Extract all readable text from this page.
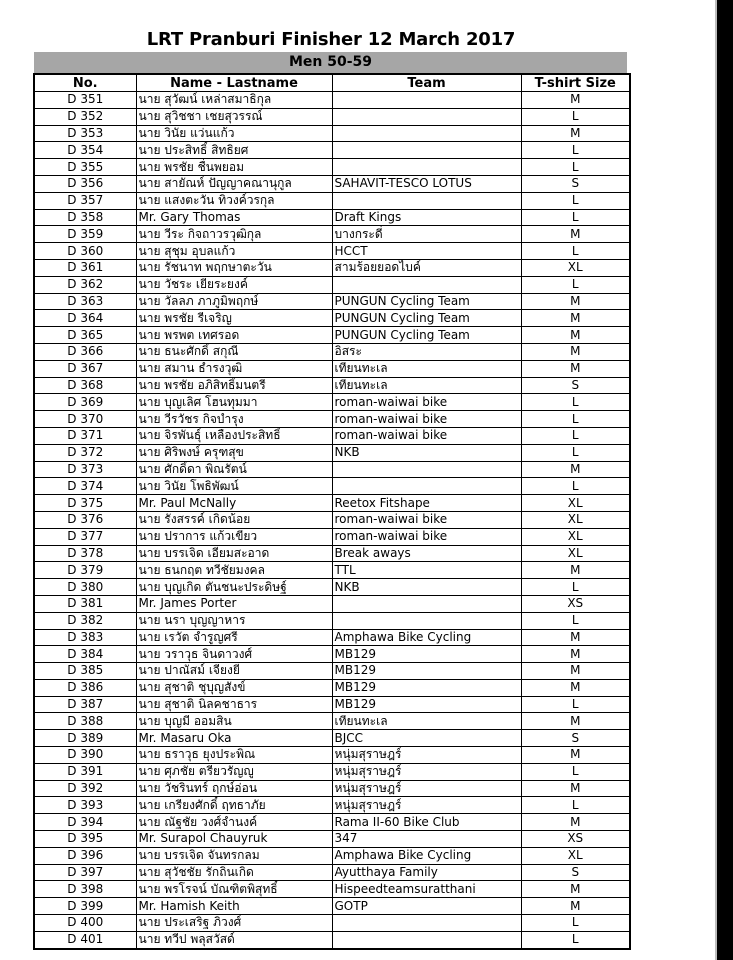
LRT Pranburi Finisher 12 March 2017
Men 50-59
No.	Name - Lastname	Team	T-shirt Size
D 351	นาย สุวัฒน์ เหล่าสมาธิกุล		M
D 352	นาย สุวิชชา เชยสุวรรณ์		L
D 353	นาย วินัย แว่นแก้ว		M
D 354	นาย ประสิทธิ์ สิทธิยศ		L
D 355	นาย พรชัย ชื่นพยอม		L
D 356	นาย สายัณห์ ปัญญาคณานุกูล	SAHAVIT-TESCO LOTUS	S
D 357	นาย แสงตะวัน ทิวงค์วรกุล		L
D 358	Mr. Gary Thomas	Draft Kings	L
D 359	นาย วีระ กิจถาวรวุฒิกุล	บางกระดี่	M
D 360	นาย สุชุม อุบลแก้ว	HCCT	L
D 361	นาย รัชนาท พฤกษาตะวัน	สามร้อยยอดไบค์	XL
D 362	นาย วัชระ เยียระยงค์		L
D 363	นาย วัลลภ ภาภูมิพฤกษ์	PUNGUN Cycling Team	M
D 364	นาย พรชัย รีเจริญ	PUNGUN Cycling Team	M
D 365	นาย พรพต เทศรอด	PUNGUN Cycling Team	M
D 366	นาย ธนะศักดิ์ สกุณี	อิสระ	M
D 367	นาย สมาน ธำรงวุฒิ	เทียนทะเล	M
D 368	นาย พรชัย อภิสิทธิ์มนตรี	เทียนทะเล	S
D 369	นาย บุญเลิศ โฮนทุมมา	roman-waiwai bike	L
D 370	นาย วีรวัชร กิจบำรุง	roman-waiwai bike	L
D 371	นาย จิรพันธุ์ เหลืองประสิทธิ์	roman-waiwai bike	L
D 372	นาย ศิริพงษ์ ครุฑสุข	NKB	L
D 373	นาย ศักดิ์ดา พิณรัตน์		M
D 374	นาย วินัย โพธิพัฒน์		L
D 375	Mr. Paul McNally	Reetox Fitshape	XL
D 376	นาย รังสรรค์ เกิดน้อย	roman-waiwai bike	XL
D 377	นาย ปราการ แก้วเขียว	roman-waiwai bike	XL
D 378	นาย บรรเจิด เอี่ยมสะอาด	Break aways	XL
D 379	นาย ธนกฤต ทวีชัยมงคล	TTL	M
D 380	นาย บุญเกิด ตันชนะประดิษฐ์	NKB	L
D 381	Mr. James Porter		XS
D 382	นาย นรา บุญญาหาร		L
D 383	นาย เรวัต จำรูญศรี	Amphawa Bike Cycling	M
D 384	นาย วราวุธ จินดาวงศ์	MB129	M
D 385	นาย ปาณัสม์ เจียงยี่	MB129	M
D 386	นาย สุชาติ ชุบุญสังข์	MB129	M
D 387	นาย สุชาติ นิลคชาธาร	MB129	L
D 388	นาย บุญมี ออมสิน	เทียนทะเล	M
D 389	Mr. Masaru Oka	BJCC	S
D 390	นาย ธราวุธ ยุงประพิณ	หนุ่มสุราษฎร์	M
D 391	นาย ศุภชัย ตรียวรัญญู	หนุ่มสุราษฎร์	L
D 392	นาย วัชรินทร์ ฤกษ์อ่อน	หนุ่มสุราษฎร์	M
D 393	นาย เกรียงศักดิ์ ฤทธาภัย	หนุ่มสุราษฎร์	L
D 394	นาย ณัฐชัย วงศ์จำนงค์	Rama II-60 Bike Club	M
D 395	Mr. Surapol Chauyruk	347	XS
D 396	นาย บรรเจิด จันทรกลม	Amphawa Bike Cycling	XL
D 397	นาย สุวัชชัย รักถิ่นเกิด	Ayutthaya Family	S
D 398	นาย พรโรจน์ บัณฑิตพิสุทธิ์	Hispeedteamsuratthani	M
D 399	Mr. Hamish Keith	GOTP	M
D 400	นาย ประเสริฐ ภิวงศ์		L
D 401	นาย ทวีป พลุสวัสด์		L
